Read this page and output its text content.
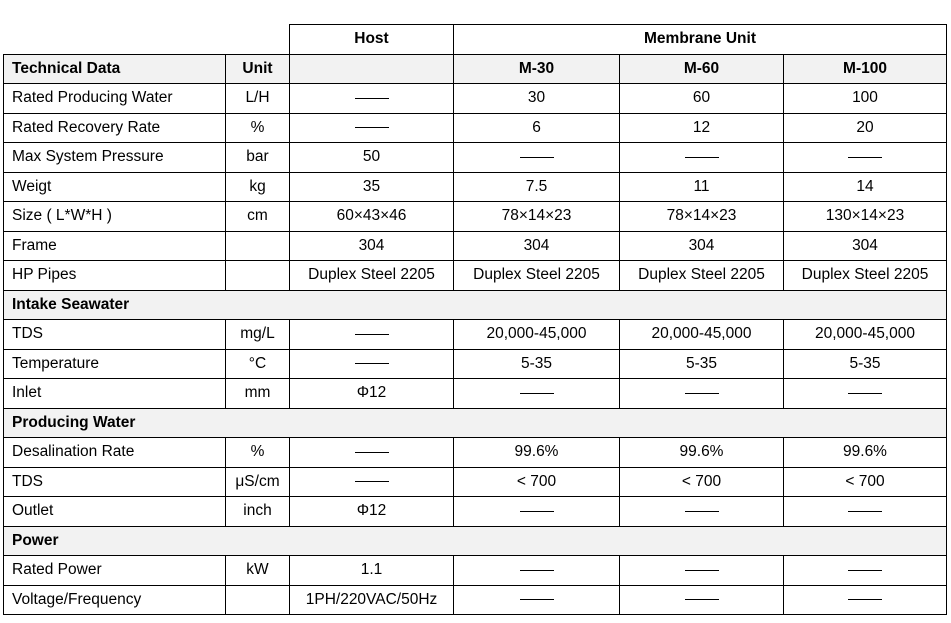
		Host	Membrane Unit		
Technical Data	Unit		M-30	M-60	M-100
Rated Producing Water	L/H		30	60	100
Rated Recovery Rate	%		6	12	20
Max System Pressure	bar	50			
Weigt	kg	35	7.5	11	14
Size ( L*W*H )	cm	60×43×46	78×14×23	78×14×23	130×14×23
Frame		304	304	304	304
HP Pipes		Duplex Steel 2205	Duplex Steel 2205	Duplex Steel 2205	Duplex Steel 2205
Intake Seawater					
TDS	mg/L		20,000-45,000	20,000-45,000	20,000-45,000
Temperature	°C		5-35	5-35	5-35
Inlet	mm	Φ12			
Producing Water					
Desalination Rate	%		99.6%	99.6%	99.6%
TDS	μS/cm		< 700	< 700	< 700
Outlet	inch	Φ12			
Power					
Rated Power	kW	1.1			
Voltage/Frequency		1PH/220VAC/50Hz			
